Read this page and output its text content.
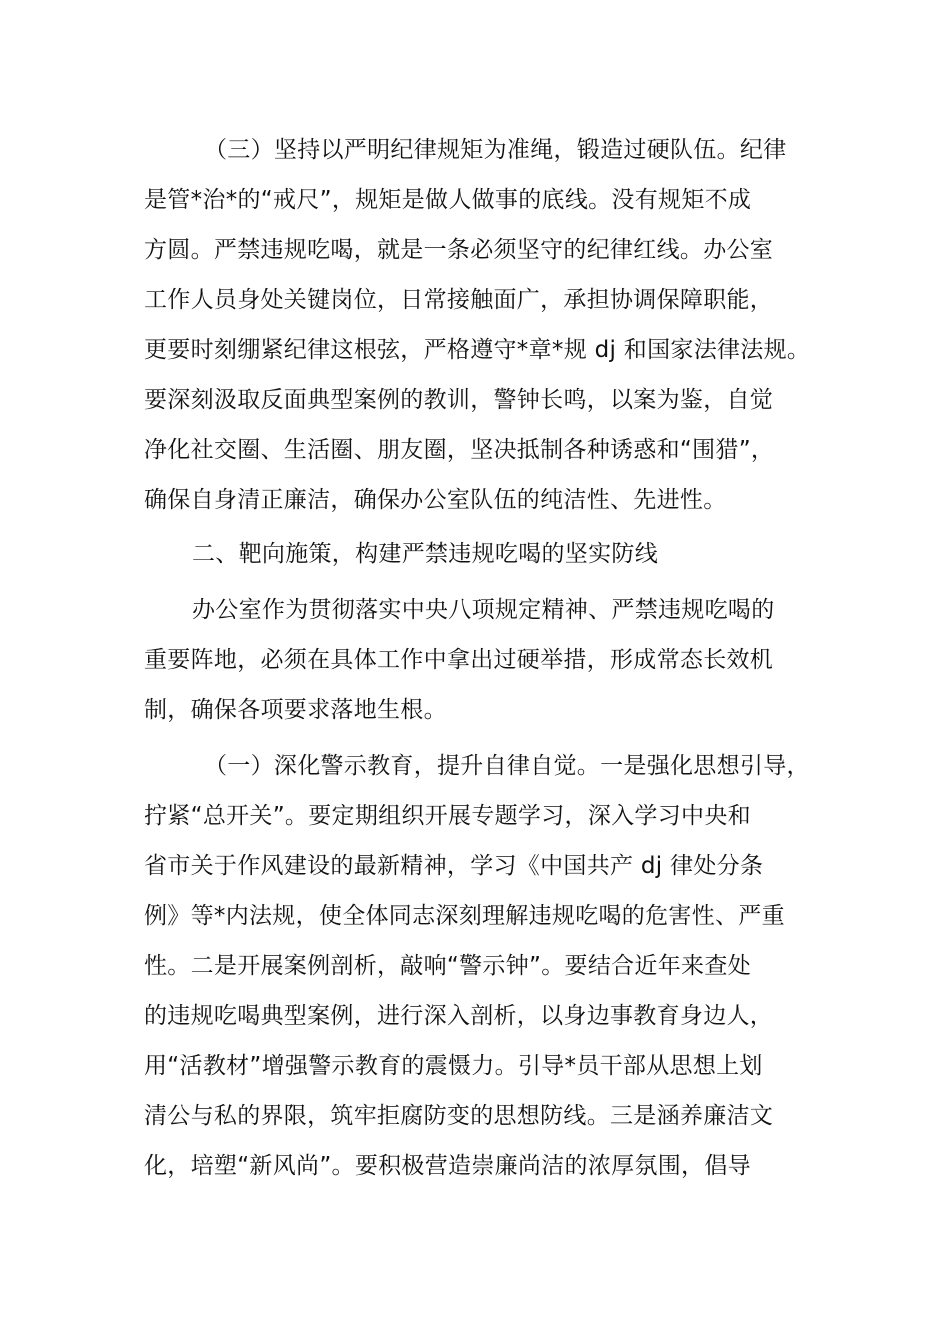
（三）坚持以严明纪律规矩为准绳，锻造过硬队伍。纪律
是管*治*的“戒尺”，规矩是做人做事的底线。没有规矩不成
方圆。严禁违规吃喝，就是一条必须坚守的纪律红线。办公室
工作人员身处关键岗位，日常接触面广，承担协调保障职能，
更要时刻绷紧纪律这根弦，严格遵守*章*规 dj 和国家法律法规。
要深刻汲取反面典型案例的教训，警钟长鸣，以案为鉴，自觉
净化社交圈、生活圈、朋友圈，坚决抵制各种诱惑和“围猎”，
确保自身清正廉洁，确保办公室队伍的纯洁性、先进性。
二、靶向施策，构建严禁违规吃喝的坚实防线
办公室作为贯彻落实中央八项规定精神、严禁违规吃喝的
重要阵地，必须在具体工作中拿出过硬举措，形成常态长效机
制，确保各项要求落地生根。
（一）深化警示教育，提升自律自觉。一是强化思想引导，
拧紧“总开关”。要定期组织开展专题学习，深入学习中央和
省市关于作风建设的最新精神，学习《中国共产 dj 律处分条
例》等*内法规，使全体同志深刻理解违规吃喝的危害性、严重
性。二是开展案例剖析，敲响“警示钟”。要结合近年来查处
的违规吃喝典型案例，进行深入剖析，以身边事教育身边人，
用“活教材”增强警示教育的震慑力。引导*员干部从思想上划
清公与私的界限，筑牢拒腐防变的思想防线。三是涵养廉洁文
化，培塑“新风尚”。要积极营造崇廉尚洁的浓厚氛围，倡导
